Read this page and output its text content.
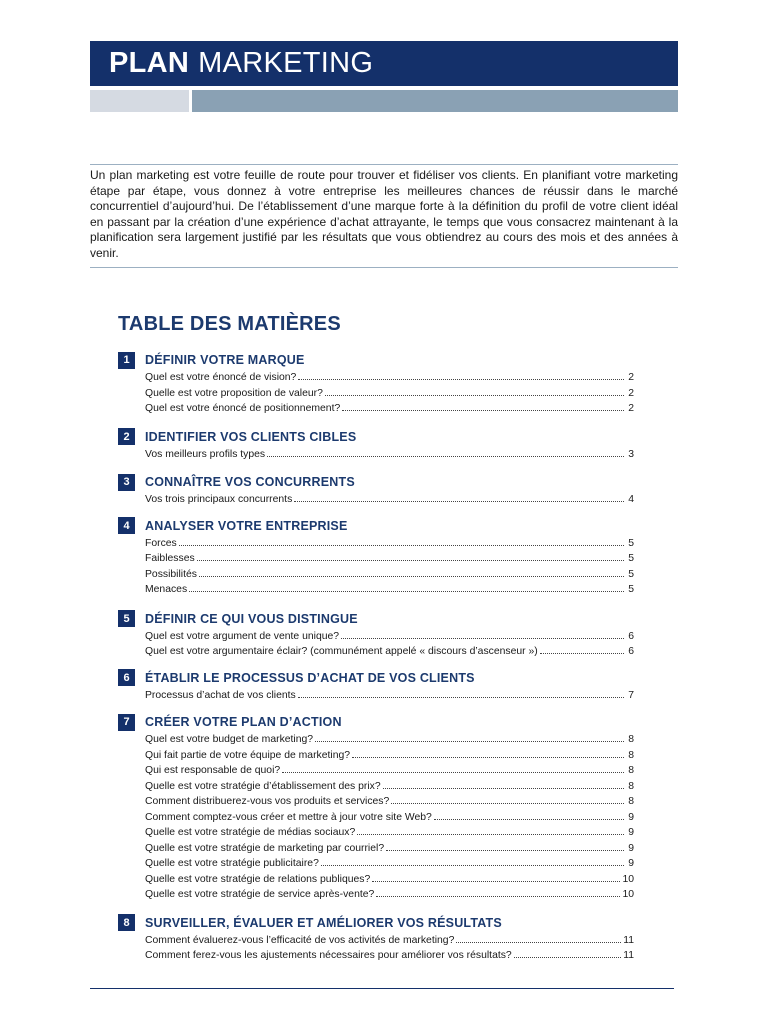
PLAN MARKETING
Un plan marketing est votre feuille de route pour trouver et fidéliser vos clients. En planifiant votre marketing étape par étape, vous donnez à votre entreprise les meilleures chances de réussir dans le marché concurrentiel d’aujourd’hui. De l’établissement d’une marque forte à la définition du profil de votre client idéal en passant par la création d’une expérience d’achat attrayante, le temps que vous consacrez maintenant à la planification sera largement justifié par les résultats que vous obtiendrez au cours des mois et des années à venir.
TABLE DES MATIÈRES
1	DÉFINIR VOTRE MARQUE
Quel est votre énoncé de vision?	2
Quelle est votre proposition de valeur?	2
Quel est votre énoncé de positionnement?	2
2	IDENTIFIER VOS CLIENTS CIBLES
Vos meilleurs profils types	3
3	CONNAÎTRE VOS CONCURRENTS
Vos trois principaux concurrents	4
4	ANALYSER VOTRE ENTREPRISE
Forces	5
Faiblesses	5
Possibilités	5
Menaces	5
5	DÉFINIR CE QUI VOUS DISTINGUE
Quel est votre argument de vente unique?	6
Quel est votre argumentaire éclair? (communément appelé « discours d’ascenseur »)	6
6	ÉTABLIR LE PROCESSUS D’ACHAT DE VOS CLIENTS
Processus d’achat de vos clients	7
7	CRÉER VOTRE PLAN D’ACTION
Quel est votre budget de marketing?	8
Qui fait partie de votre équipe de marketing?	8
Qui est responsable de quoi?	8
Quelle est votre stratégie d’établissement des prix?	8
Comment distribuerez-vous vos produits et services?	8
Comment comptez-vous créer et mettre à jour votre site Web?	9
Quelle est votre stratégie de médias sociaux?	9
Quelle est votre stratégie de marketing par courriel?	9
Quelle est votre stratégie publicitaire?	9
Quelle est votre stratégie de relations publiques?	10
Quelle est votre stratégie de service après-vente?	10
8	SURVEILLER, ÉVALUER ET AMÉLIORER VOS RÉSULTATS
Comment évaluerez-vous l’efficacité de vos activités de marketing?	11
Comment ferez-vous les ajustements nécessaires pour améliorer vos résultats?	11
